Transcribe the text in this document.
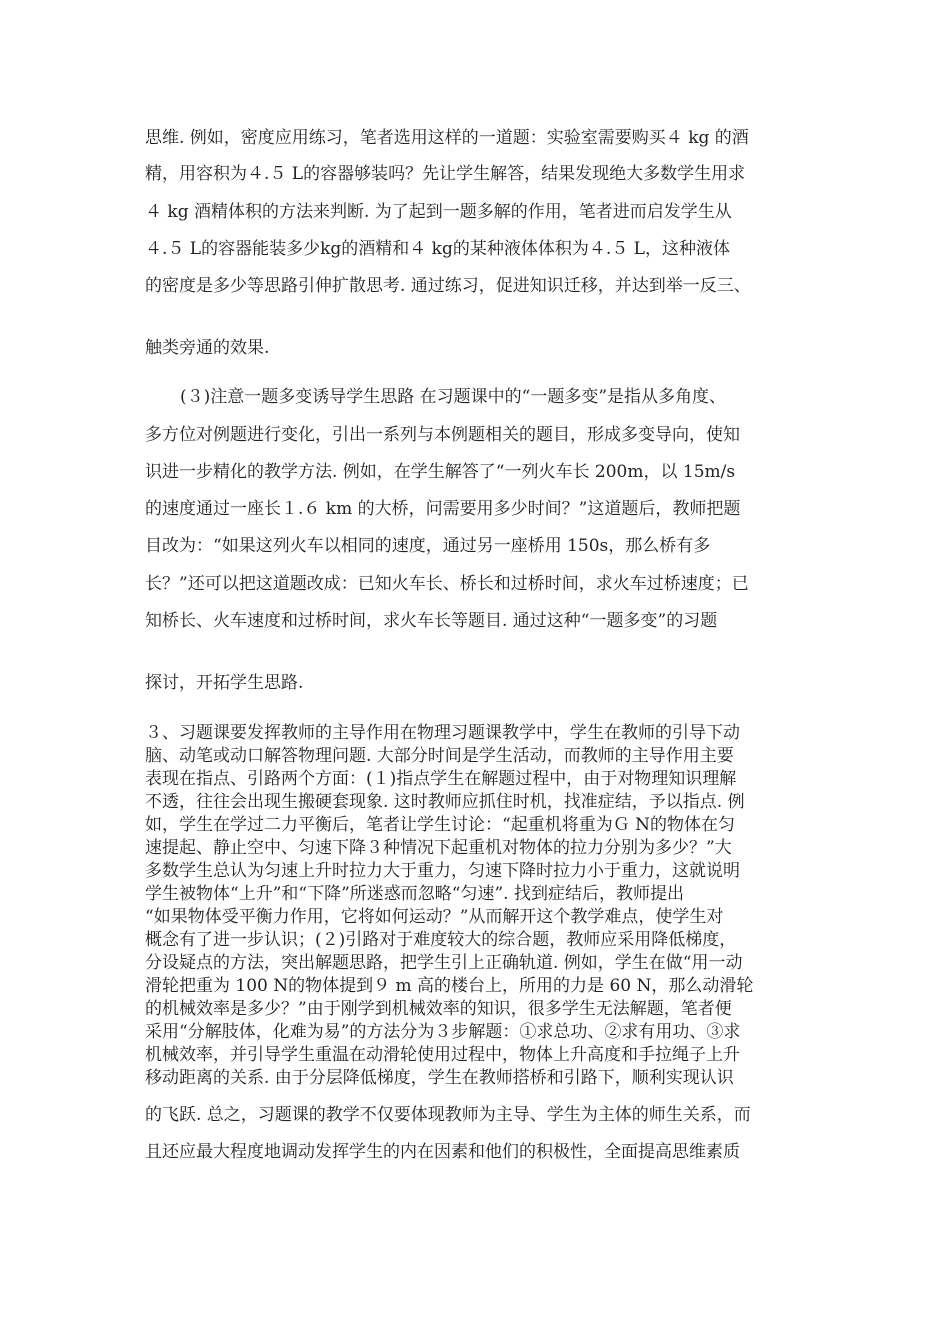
思维. 例如，密度应用练习，笔者选用这样的一道题：实验室需要购买４ kg 的酒
精，用容积为４.５ L的容器够装吗？先让学生解答，结果发现绝大多数学生用求
４ kg 酒精体积的方法来判断. 为了起到一题多解的作用，笔者进而启发学生从
４.５ L的容器能装多少kg的酒精和４ kg的某种液体体积为４.５ L，这种液体
的密度是多少等思路引伸扩散思考. 通过练习，促进知识迁移，并达到举一反三、
触类旁通的效果.
(３)注意一题多变诱导学生思路 在习题课中的“一题多变”是指从多角度、
多方位对例题进行变化，引出一系列与本例题相关的题目，形成多变导向，使知
识进一步精化的教学方法. 例如，在学生解答了“一列火车长 200m，以 15m/s
的速度通过一座长１.６ km 的大桥，问需要用多少时间？”这道题后，教师把题
目改为：“如果这列火车以相同的速度，通过另一座桥用 150s，那么桥有多
长？”还可以把这道题改成：已知火车长、桥长和过桥时间，求火车过桥速度；已
知桥长、火车速度和过桥时间，求火车长等题目. 通过这种“一题多变”的习题
探讨，开拓学生思路.
３、习题课要发挥教师的主导作用在物理习题课教学中，学生在教师的引导下动
脑、动笔或动口解答物理问题. 大部分时间是学生活动，而教师的主导作用主要
表现在指点、引路两个方面：(１)指点学生在解题过程中，由于对物理知识理解
不透，往往会出现生搬硬套现象. 这时教师应抓住时机，找准症结，予以指点. 例
如，学生在学过二力平衡后，笔者让学生讨论：“起重机将重为Ｇ N的物体在匀
速提起、静止空中、匀速下降３种情况下起重机对物体的拉力分别为多少？”大
多数学生总认为匀速上升时拉力大于重力，匀速下降时拉力小于重力，这就说明
学生被物体“上升”和“下降”所迷惑而忽略“匀速”. 找到症结后，教师提出
“如果物体受平衡力作用，它将如何运动？”从而解开这个教学难点，使学生对
概念有了进一步认识；(２)引路对于难度较大的综合题，教师应采用降低梯度，
分设疑点的方法，突出解题思路，把学生引上正确轨道. 例如，学生在做“用一动
滑轮把重为 100 N的物体提到９ m 高的楼台上，所用的力是 60 N，那么动滑轮
的机械效率是多少？”由于刚学到机械效率的知识，很多学生无法解题，笔者便
采用“分解肢体，化难为易”的方法分为３步解题：①求总功、②求有用功、③求
机械效率，并引导学生重温在动滑轮使用过程中，物体上升高度和手拉绳子上升
移动距离的关系. 由于分层降低梯度，学生在教师搭桥和引路下，顺利实现认识
的飞跃. 总之，习题课的教学不仅要体现教师为主导、学生为主体的师生关系，而
且还应最大程度地调动发挥学生的内在因素和他们的积极性，全面提高思维素质
